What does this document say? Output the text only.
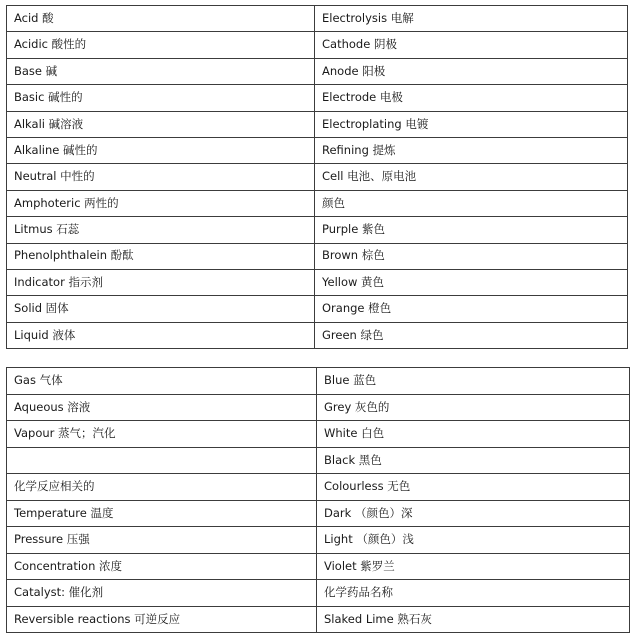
Acid 酸	Electrolysis 电解
Acidic 酸性的	Cathode 阴极
Base 碱	Anode 阳极
Basic 碱性的	Electrode 电极
Alkali 碱溶液	Electroplating 电镀
Alkaline 碱性的	Refining 提炼
Neutral 中性的	Cell 电池、原电池
Amphoteric 两性的	颜色
Litmus 石蕊	Purple 紫色
Phenolphthalein 酚酞	Brown 棕色
Indicator 指示剂	Yellow 黄色
Solid 固体	Orange 橙色
Liquid 液体	Green 绿色
Gas 气体	Blue 蓝色
Aqueous 溶液	Grey 灰色的
Vapour 蒸气；汽化	White 白色
	Black 黑色
化学反应相关的	Colourless 无色
Temperature 温度	Dark （颜色）深
Pressure 压强	Light （颜色）浅
Concentration 浓度	Violet 紫罗兰
Catalyst: 催化剂	化学药品名称
Reversible reactions 可逆反应	Slaked Lime 熟石灰
